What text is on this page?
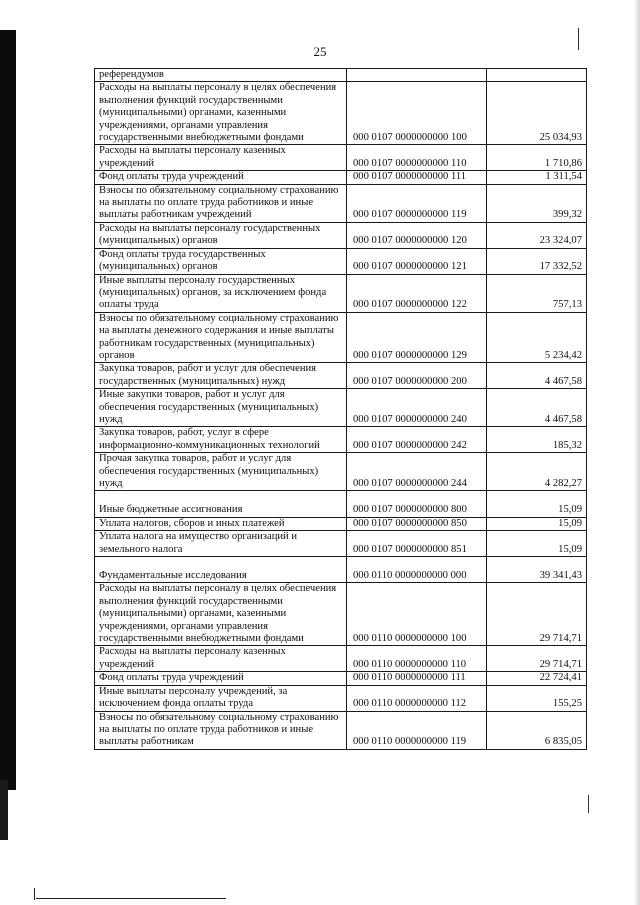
25
референдумов		
Расходы на выплаты персоналу в целях обеспечения выполнения функций государственными (муниципальными) органами, казенными учреждениями, органами управления государственными внебюджетными фондами	000 0107 0000000000 100	25 034,93
Расходы на выплаты персоналу казенных учреждений	000 0107 0000000000 110	1 710,86
Фонд оплаты труда учреждений	000 0107 0000000000 111	1 311,54
Взносы по обязательному социальному страхованию на выплаты по оплате труда работников и иные выплаты работникам учреждений	000 0107 0000000000 119	399,32
Расходы на выплаты персоналу государственных (муниципальных) органов	000 0107 0000000000 120	23 324,07
Фонд оплаты труда государственных (муниципальных) органов	000 0107 0000000000 121	17 332,52
Иные выплаты персоналу государственных (муниципальных) органов, за исключением фонда оплаты труда	000 0107 0000000000 122	757,13
Взносы по обязательному социальному страхованию на выплаты денежного содержания и иные выплаты работникам государственных (муниципальных) органов	000 0107 0000000000 129	5 234,42
Закупка товаров, работ и услуг для обеспечения государственных (муниципальных) нужд	000 0107 0000000000 200	4 467,58
Иные закупки товаров, работ и услуг для обеспечения государственных (муниципальных) нужд	000 0107 0000000000 240	4 467,58
Закупка товаров, работ, услуг в сфере информационно-коммуникационных технологий	000 0107 0000000000 242	185,32
Прочая закупка товаров, работ и услуг для обеспечения государственных (муниципальных) нужд	000 0107 0000000000 244	4 282,27
Иные бюджетные ассигнования	000 0107 0000000000 800	15,09
Уплата налогов, сборов и иных платежей	000 0107 0000000000 850	15,09
Уплата налога на имущество организаций и земельного налога	000 0107 0000000000 851	15,09
Фундаментальные исследования	000 0110 0000000000 000	39 341,43
Расходы на выплаты персоналу в целях обеспечения выполнения функций государственными (муниципальными) органами, казенными учреждениями, органами управления государственными внебюджетными фондами	000 0110 0000000000 100	29 714,71
Расходы на выплаты персоналу казенных учреждений	000 0110 0000000000 110	29 714,71
Фонд оплаты труда учреждений	000 0110 0000000000 111	22 724,41
Иные выплаты персоналу учреждений, за исключением фонда оплаты труда	000 0110 0000000000 112	155,25
Взносы по обязательному социальному страхованию на выплаты по оплате труда работников и иные выплаты работникам	000 0110 0000000000 119	6 835,05
